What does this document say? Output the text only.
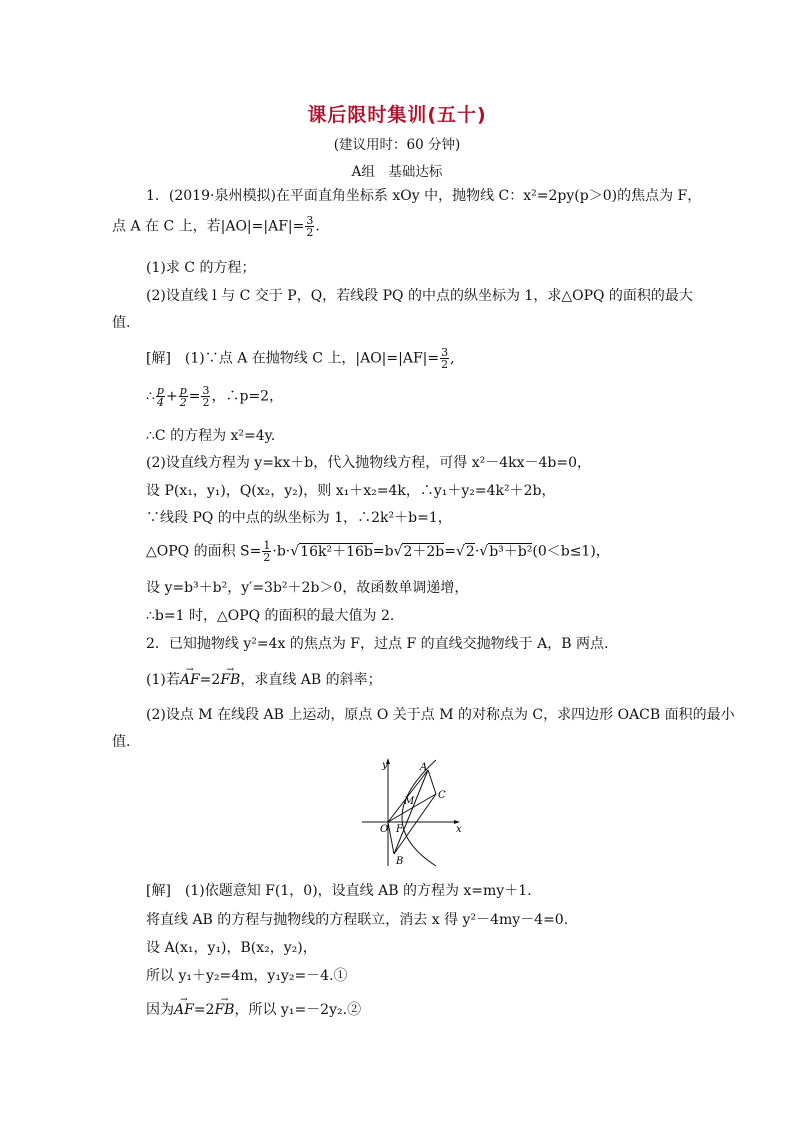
课后限时集训(五十)
(建议用时：60 分钟)
A组　基础达标
1．(2019·泉州模拟)在平面直角坐标系 xOy 中，抛物线 C：x²=2py(p＞0)的焦点为 F，
点 A 在 C 上，若$|AO|=|AF|= \frac{3}{2}$ .
(1)求 C 的方程；
(2)设直线 l 与 C 交于 P，Q，若线段 PQ 的中点的纵坐标为 1，求△OPQ 的面积的最大
值.
[解]　(1)∵点 A 在抛物线 C 上，$|AO|=|AF|= \frac{3}{2}$ ,
∴ $\frac{p}{4} + \frac{p}{2} = \frac{3}{2}$ ，∴p=2，
∴C 的方程为 x²=4y.
(2)设直线方程为 y=kx＋b，代入抛物线方程，可得 x²－4kx－4b=0，
设 P(x₁，y₁)，Q(x₂，y₂)，则 x₁＋x₂=4k，∴y₁＋y₂=4k²＋2b，
∵线段 PQ 的中点的纵坐标为 1，∴2k²＋b=1，
△OPQ 的面积 $S= \frac{1}{2} \cdot b\cdot√16k^2+16b=b√2+2b=√2\cdot√b^3+b^2(0<b\le 1)$，
设 y=b³＋b²，y′=3b²＋2b＞0，故函数单调递增，
∴b=1 时，△OPQ 的面积的最大值为 2.
2．已知抛物线 y²=4x 的焦点为 F，过点 F 的直线交抛物线于 A，B 两点.
(1)若→ AF=2→ FB，求直线 AB 的斜率；
(2)设点 M 在线段 AB 上运动，原点 O 关于点 M 的对称点为 C，求四边形 OACB 面积的最小
值.
y
x
O F
A
B
C
M
[解]　(1)依题意知 F(1，0)，设直线 AB 的方程为 x=my＋1.
将直线 AB 的方程与抛物线的方程联立，消去 x 得 y²－4my－4=0.
设 A(x₁，y₁)，B(x₂，y₂)，
所以 y₁＋y₂=4m，y₁y₂=－4.①
因为→ AF=2→ FB，所以 y₁=－2y₂.②
